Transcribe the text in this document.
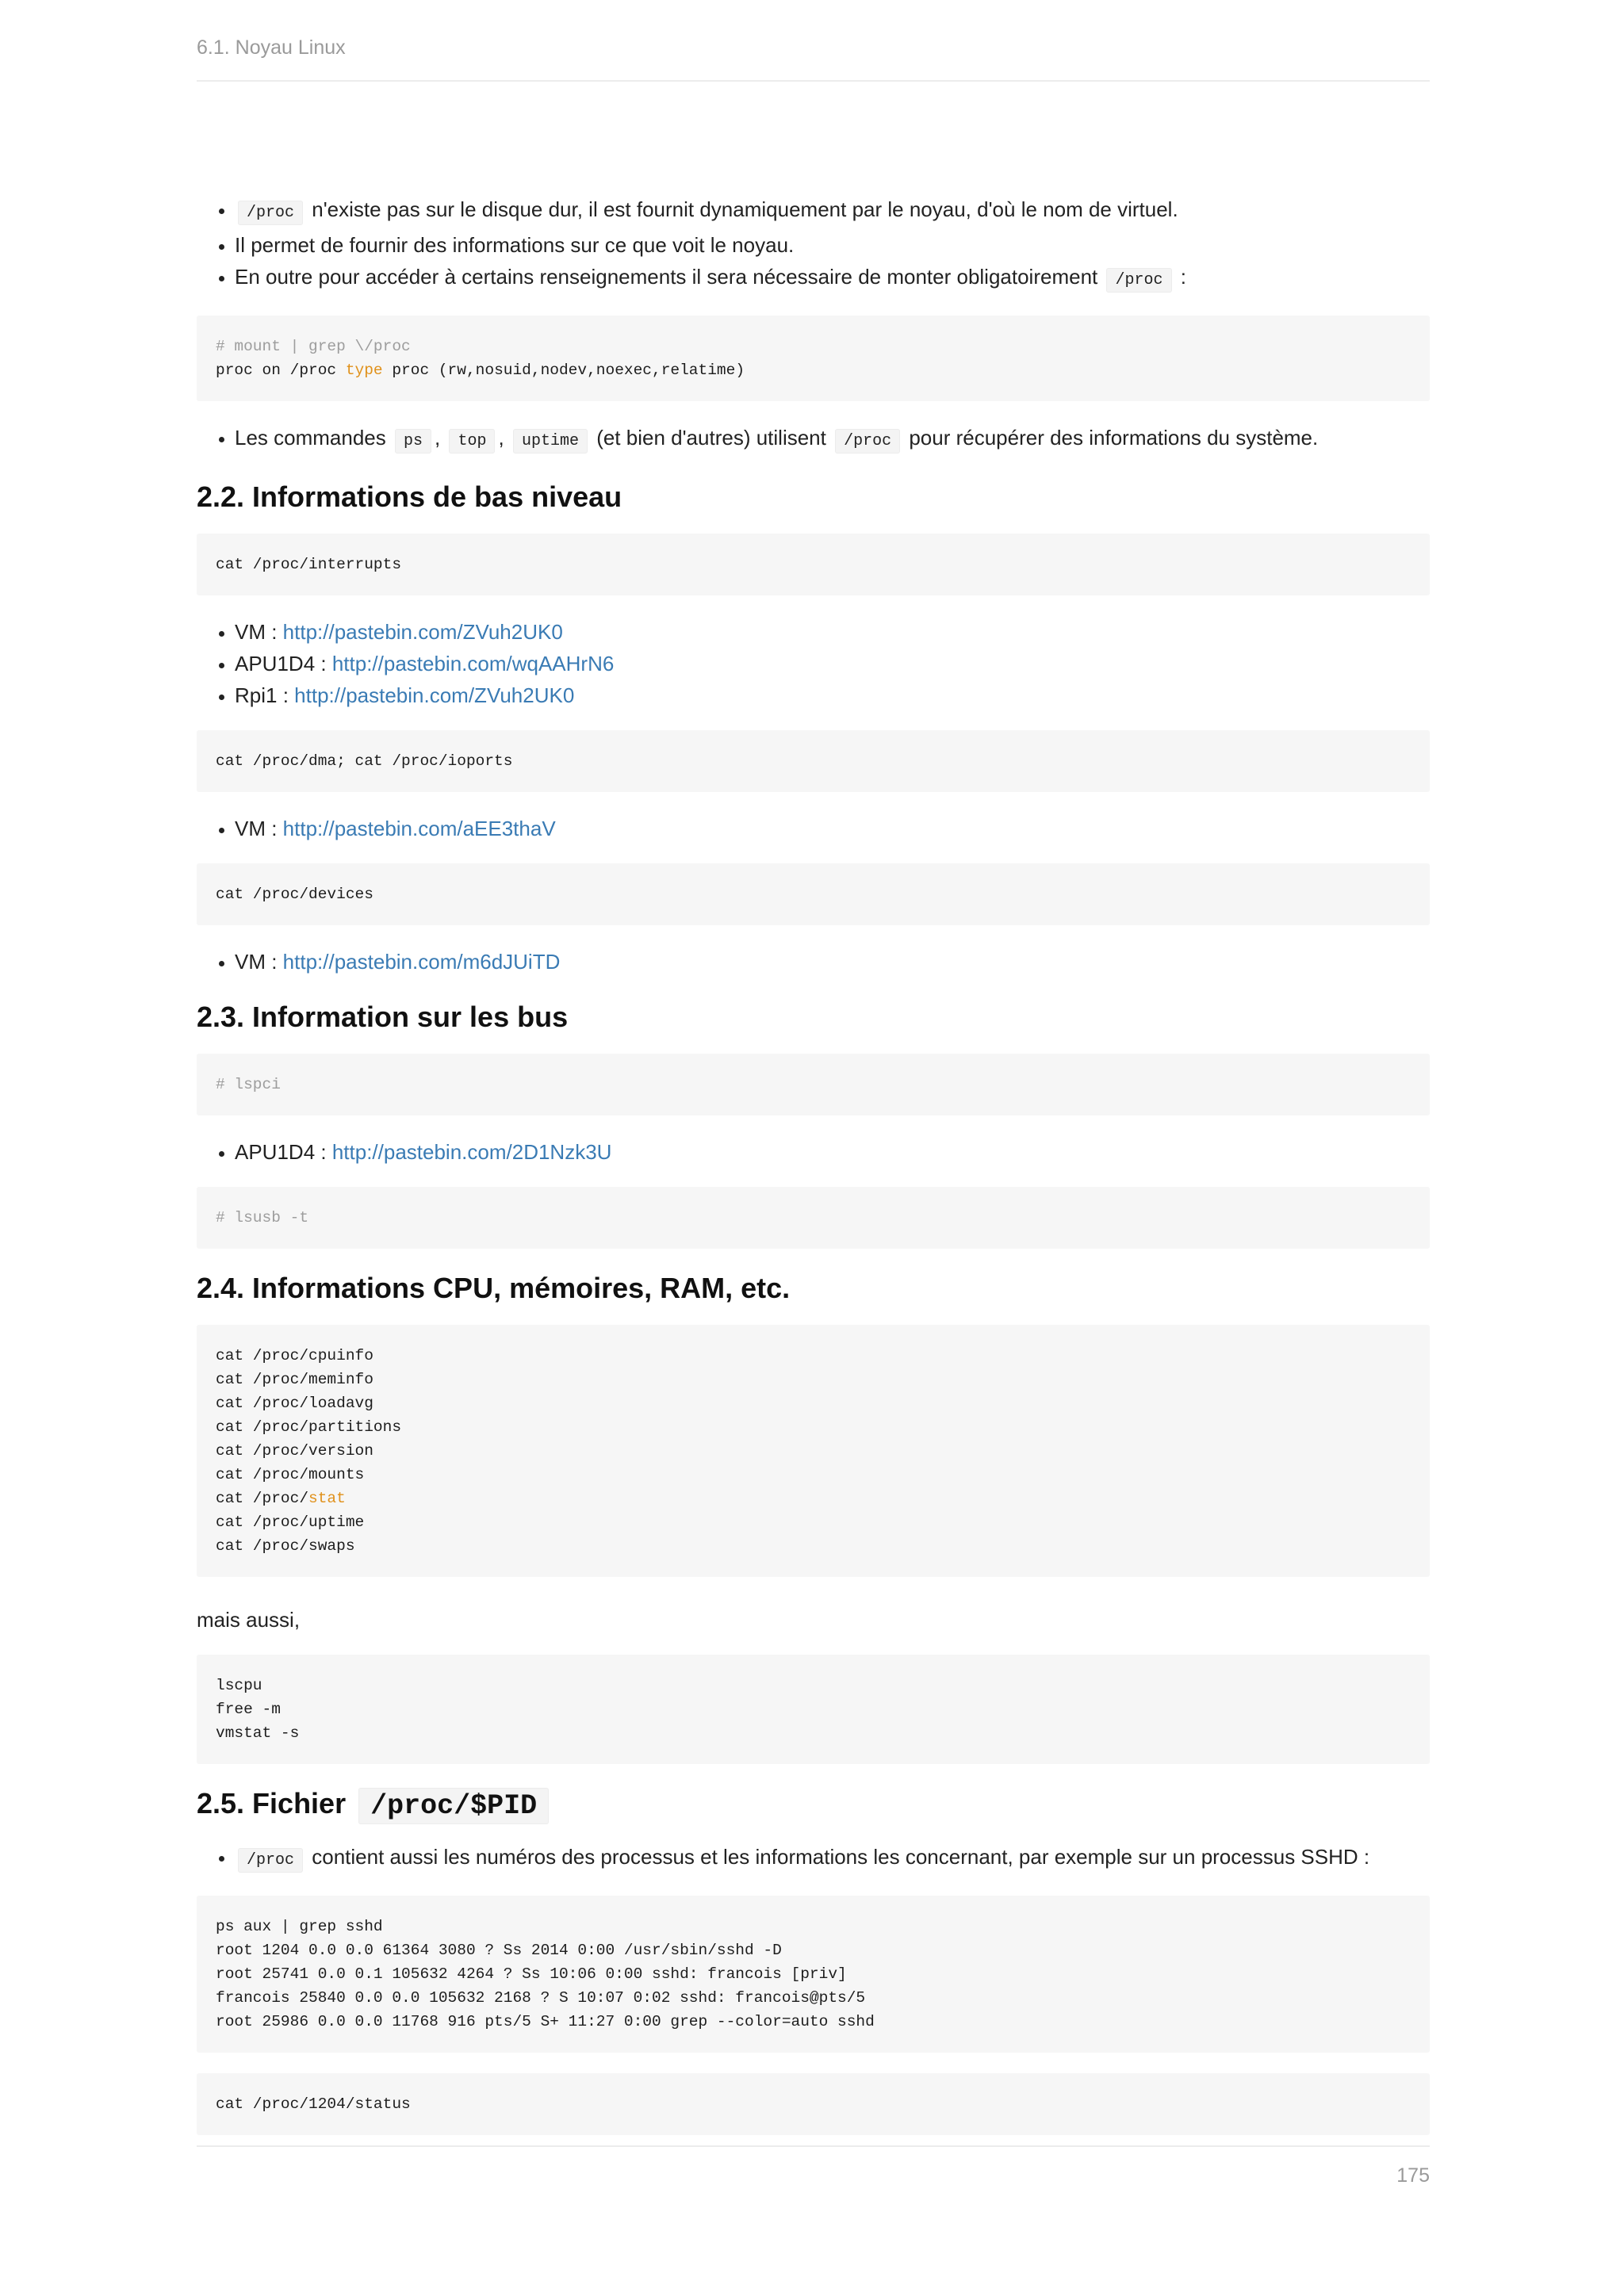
6.1. Noyau Linux
• /proc n'existe pas sur le disque dur, il est fournit dynamiquement par le noyau, d'où le nom de virtuel.
• Il permet de fournir des informations sur ce que voit le noyau.
• En outre pour accéder à certains renseignements il sera nécessaire de monter obligatoirement /proc :
# mount | grep \/proc
proc on /proc type proc (rw,nosuid,nodev,noexec,relatime)
• Les commandes ps , top , uptime (et bien d'autres) utilisent /proc pour récupérer des informations du système.
2.2. Informations de bas niveau
cat /proc/interrupts
• VM : http://pastebin.com/ZVuh2UK0
• APU1D4 : http://pastebin.com/wqAAHrN6
• Rpi1 : http://pastebin.com/ZVuh2UK0
cat /proc/dma; cat /proc/ioports
• VM : http://pastebin.com/aEE3thaV
cat /proc/devices
• VM : http://pastebin.com/m6dJUiTD
2.3. Information sur les bus
# lspci
• APU1D4 : http://pastebin.com/2D1Nzk3U
# lsusb -t
2.4. Informations CPU, mémoires, RAM, etc.
cat /proc/cpuinfo
cat /proc/meminfo
cat /proc/loadavg
cat /proc/partitions
cat /proc/version
cat /proc/mounts
cat /proc/stat
cat /proc/uptime
cat /proc/swaps

mais aussi,

lscpu
free -m
vmstat -s
2.5. Fichier /proc/$PID
• /proc contient aussi les numéros des processus et les informations les concernant, par exemple sur un processus SSHD :
ps aux | grep sshd
root 1204 0.0 0.0 61364 3080 ? Ss 2014 0:00 /usr/sbin/sshd -D
root 25741 0.0 0.1 105632 4264 ? Ss 10:06 0:00 sshd: francois [priv]
francois 25840 0.0 0.0 105632 2168 ? S 10:07 0:02 sshd: francois@pts/5
root 25986 0.0 0.0 11768 916 pts/5 S+ 11:27 0:00 grep --color=auto sshd
cat /proc/1204/status
175
